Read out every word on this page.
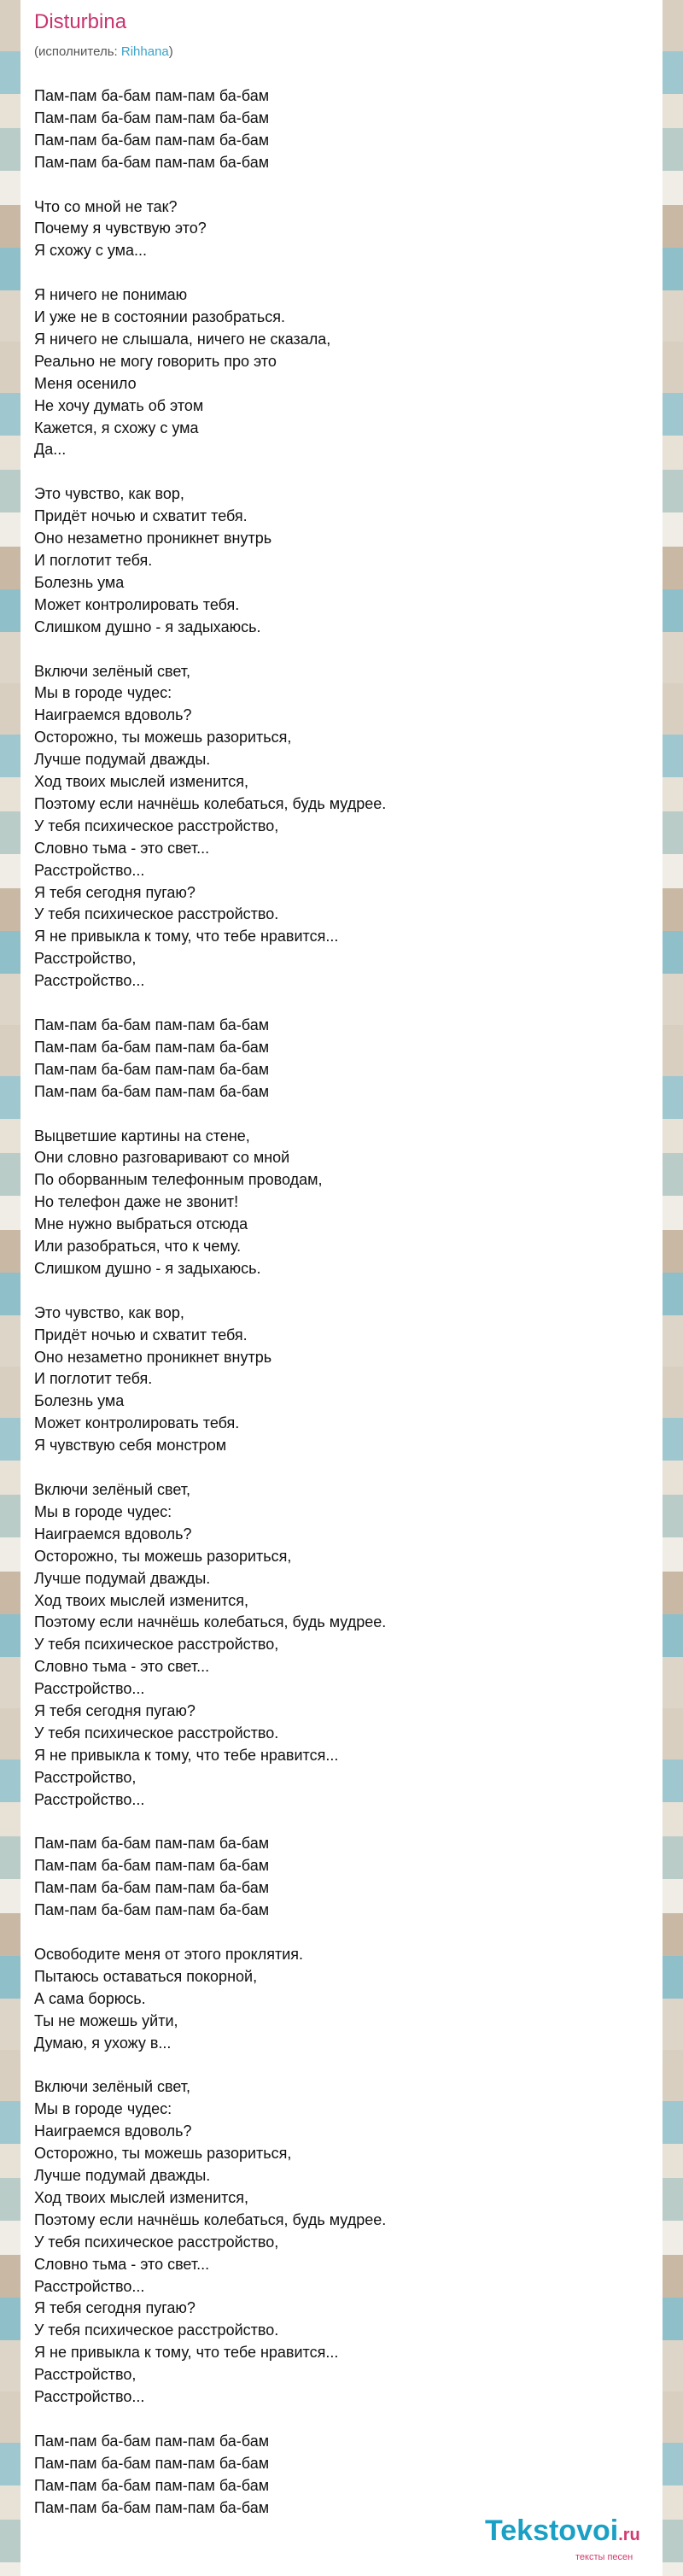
Disturbina
(исполнитель: Rihhana)
Пам-пам ба-бам пам-пам ба-бам
Пам-пам ба-бам пам-пам ба-бам
Пам-пам ба-бам пам-пам ба-бам
Пам-пам ба-бам пам-пам ба-бам
Что со мной не так?
Почему я чувствую это?
Я схожу с ума...
Я ничего не понимаю
И уже не в состоянии разобраться.
Я ничего не слышала, ничего не сказала,
Реально не могу говорить про это
Меня осенило
Не хочу думать об этом
Кажется, я схожу с ума
Да...
Это чувство, как вор,
Придёт ночью и схватит тебя.
Оно незаметно проникнет внутрь
И поглотит тебя.
Болезнь ума
Может контролировать тебя.
Слишком душно - я задыхаюсь.
Включи зелёный свет,
Мы в городе чудес:
Наиграемся вдоволь?
Осторожно, ты можешь разориться,
Лучше подумай дважды.
Ход твоих мыслей изменится,
Поэтому если начнёшь колебаться, будь мудрее.
У тебя психическое расстройство,
Словно тьма - это свет...
Расстройство...
Я тебя сегодня пугаю?
У тебя психическое расстройство.
Я не привыкла к тому, что тебе нравится...
Расстройство,
Расстройство...
Пам-пам ба-бам пам-пам ба-бам
Пам-пам ба-бам пам-пам ба-бам
Пам-пам ба-бам пам-пам ба-бам
Пам-пам ба-бам пам-пам ба-бам
Выцветшие картины на стене,
Они словно разговаривают со мной
По оборванным телефонным проводам,
Но телефон даже не звонит!
Мне нужно выбраться отсюда
Или разобраться, что к чему.
Слишком душно - я задыхаюсь.
Это чувство, как вор,
Придёт ночью и схватит тебя.
Оно незаметно проникнет внутрь
И поглотит тебя.
Болезнь ума
Может контролировать тебя.
Я чувствую себя монстром
Включи зелёный свет,
Мы в городе чудес:
Наиграемся вдоволь?
Осторожно, ты можешь разориться,
Лучше подумай дважды.
Ход твоих мыслей изменится,
Поэтому если начнёшь колебаться, будь мудрее.
У тебя психическое расстройство,
Словно тьма - это свет...
Расстройство...
Я тебя сегодня пугаю?
У тебя психическое расстройство.
Я не привыкла к тому, что тебе нравится...
Расстройство,
Расстройство...
Пам-пам ба-бам пам-пам ба-бам
Пам-пам ба-бам пам-пам ба-бам
Пам-пам ба-бам пам-пам ба-бам
Пам-пам ба-бам пам-пам ба-бам
Освободите меня от этого проклятия.
Пытаюсь оставаться покорной,
А сама борюсь.
Ты не можешь уйти,
Думаю, я ухожу в...
Включи зелёный свет,
Мы в городе чудес:
Наиграемся вдоволь?
Осторожно, ты можешь разориться,
Лучше подумай дважды.
Ход твоих мыслей изменится,
Поэтому если начнёшь колебаться, будь мудрее.
У тебя психическое расстройство,
Словно тьма - это свет...
Расстройство...
Я тебя сегодня пугаю?
У тебя психическое расстройство.
Я не привыкла к тому, что тебе нравится...
Расстройство,
Расстройство...
Пам-пам ба-бам пам-пам ба-бам
Пам-пам ба-бам пам-пам ба-бам
Пам-пам ба-бам пам-пам ба-бам
Пам-пам ба-бам пам-пам ба-бам
Tekstovoi.ru
тексты песен
